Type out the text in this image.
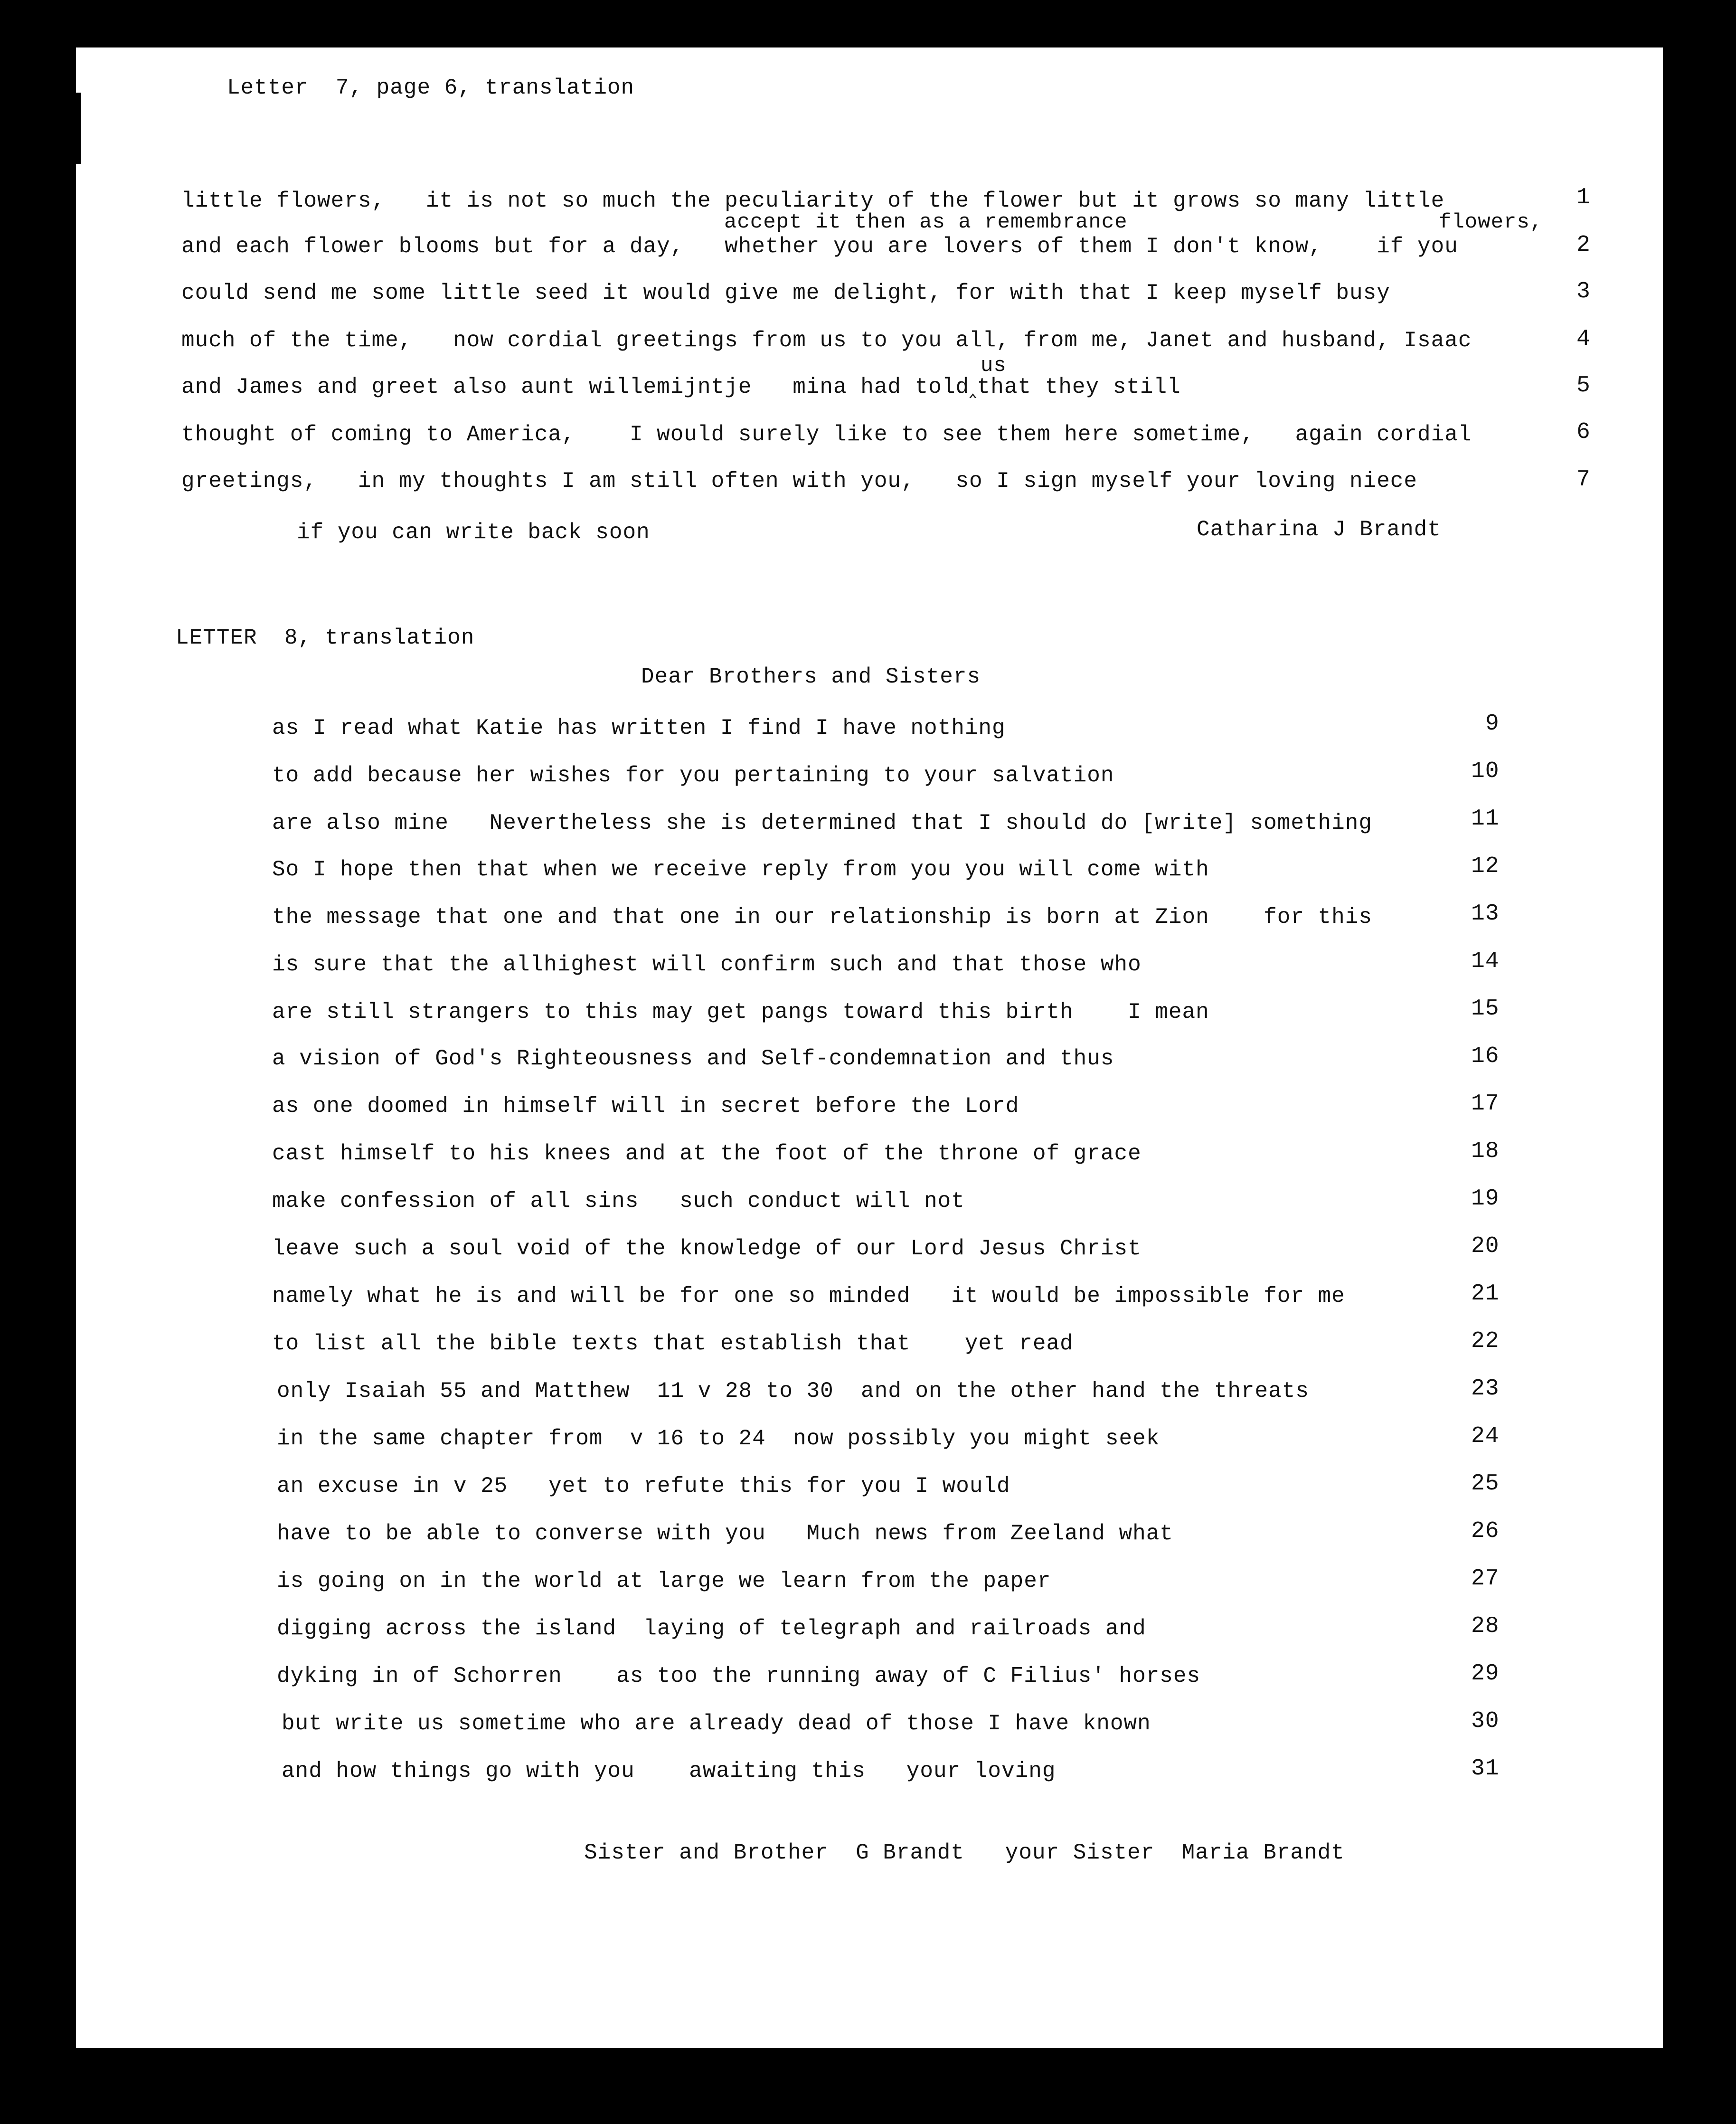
Letter  7, page 6, translation
accept it then as a remembrance	flowers,
us
little flowers,   it is not so much the peculiarity of the flower but it grows so many little
and each flower blooms but for a day,   whether you are lovers of them I don't know,    if you
could send me some little seed it would give me delight, for with that I keep myself busy
much of the time,   now cordial greetings from us to you all, from me, Janet and husband, Isaac
and James and greet also aunt willemijntje   mina had told‸that they still
thought of coming to America,    I would surely like to see them here sometime,   again cordial
greetings,   in my thoughts I am still often with you,   so I sign myself your loving niece
1
2
3
4
5
6
7
if you can write back soon	Catharina J Brandt
LETTER  8, translation
Dear Brothers and Sisters
as I read what Katie has written I find I have nothing
to add because her wishes for you pertaining to your salvation
are also mine   Nevertheless she is determined that I should do [write] something
So I hope then that when we receive reply from you you will come with
the message that one and that one in our relationship is born at Zion    for this
is sure that the allhighest will confirm such and that those who
are still strangers to this may get pangs toward this birth    I mean
a vision of God's Righteousness and Self-condemnation and thus
as one doomed in himself will in secret before the Lord
cast himself to his knees and at the foot of the throne of grace
make confession of all sins   such conduct will not
leave such a soul void of the knowledge of our Lord Jesus Christ
namely what he is and will be for one so minded   it would be impossible for me
to list all the bible texts that establish that    yet read
only Isaiah 55 and Matthew  11 v 28 to 30  and on the other hand the threats
in the same chapter from  v 16 to 24  now possibly you might seek
an excuse in v 25   yet to refute this for you I would
have to be able to converse with you   Much news from Zeeland what
is going on in the world at large we learn from the paper
digging across the island  laying of telegraph and railroads and
dyking in of Schorren    as too the running away of C Filius' horses
but write us sometime who are already dead of those I have known
and how things go with you    awaiting this   your loving
9
10
11
12
13
14
15
16
17
18
19
20
21
22
23
24
25
26
27
28
29
30
31
Sister and Brother  G Brandt   your Sister  Maria Brandt
